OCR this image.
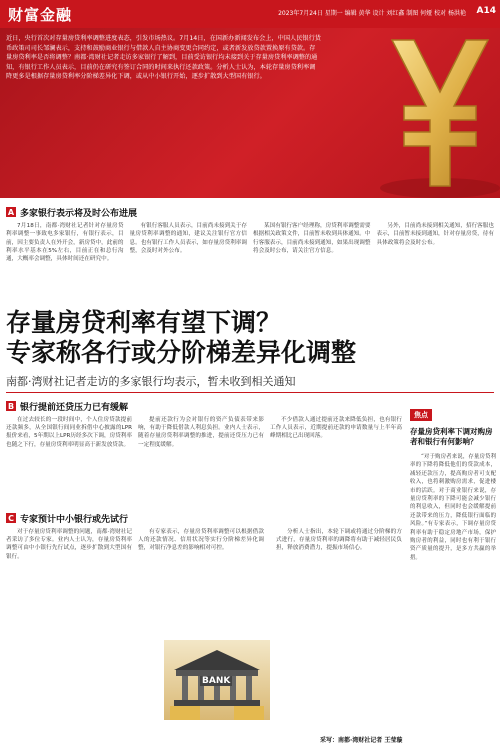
财富金融	2023年7月24日 星期一 编辑 黄华 设计 刘红鑫 制图 何娅 校对 杨洪艳 A14
近日，央行首次对存量房贷利率调整进度表态，引发市场热议。7月14日，在国新办新闻发布会上，中国人民银行货币政策司司长邹澜表示，支持和鼓励商业银行与借款人自主协商变更合同约定，或者新发放贷款置换原有贷款。存量房贷利率是否将调整？南都·湾财社记者走访多家银行了解到，目前受访银行均未接到关于存量房贷利率调整的通知，有银行工作人员表示，目前仍在研究有签订合同的时间来执行还款政策。分析人士认为，本轮存量房贷利率调降更多是根据存量房贷利率分阶梯差异化下调，或从中小银行开始，逐步扩散到大型国有银行。
A 多家银行表示将及时公布进展
7月18日，南都·湾财社记者针对存量房贷利率调整一事致电多家银行，有银行表示，目前，因主要负责人在外开会，新房贷中，此前的利率水平基本在5%左右，目前正在和总行沟通，大概率会调整，具体时间还在研究中。
有银行客服人员表示，目前尚未接到关于存量房贷利率调整的通知，建议关注银行官方信息。也有银行工作人员表示，如存量房贷利率调整，会及时对外公布。
某国有银行客户经理称，房贷利率调整需要根据相关政策文件，目前暂未收到具体通知。中行客服表示，目前尚未接到通知，如果出现调整将会及时公布，请关注官方信息。
另外，目前尚未接到相关通知，招行客服也表示，目前暂未接到通知，针对存量房贷，待有具体政策将会及时公布。
存量房贷利率有望下调？
专家称各行或分阶梯差异化调整
南都·湾财社记者走访的多家银行均表示，暂未收到相关通知
B 银行提前还贷压力已有缓解
在过去较长的一段时间中，个人住房贷款提前还款频多，从全国银行间同业拆借中心披露的LPR报价来看，5年期以上LPR历经多次下调，房贷利率也随之下行，存量房贷利率明显高于新发放贷款。
提前还款行为会对银行的资产负债表带来影响，有助于降低借款人利息负担。业内人士表示，随着存量房贷利率调整的推进，提前还贷压力已有一定程度缓解。
不少借款人通过提前还款来降低负担，也有银行工作人员表示，近期提前还款的申请数量与上半年高峰期相比已出现回落。
C 专家预计中小银行或先试行
对于存量房贷利率调整的问题，南都·湾财社记者采访了多位专家。业内人士认为，存量房贷利率调整可由中小银行先行试点，逐步扩散到大型国有银行。
有专家表示，存量房贷利率调整可以根据借款人的还款情况、信用状况等实行分阶梯差异化调整，对银行净息差的影响相对可控。
分析人士指出，本轮下调或将通过分阶梯的方式进行，存量房贷利率的调降将有助于减轻居民负担，释放消费潜力，提振市场信心。
BANK
采写：南都·湾财社记者 王莹璇
焦点
存量房贷利率下调对购房者和银行有何影响？
“对于购房者来说，存量房贷利率的下降将降低他们的贷款成本，减轻还款压力，提高购房者可支配收入，也将刺激购房需求，促进楼市的活跃。对于商业银行来说，存量房贷利率的下降可能会减少银行的利息收入，但同时也会缓解提前还款带来的压力，降低银行面临的风险。”有专家表示，下调存量房贷利率有助于稳定房地产市场，保护购房者的利益，同时也有利于银行资产质量的提升，是多方共赢的举措。
